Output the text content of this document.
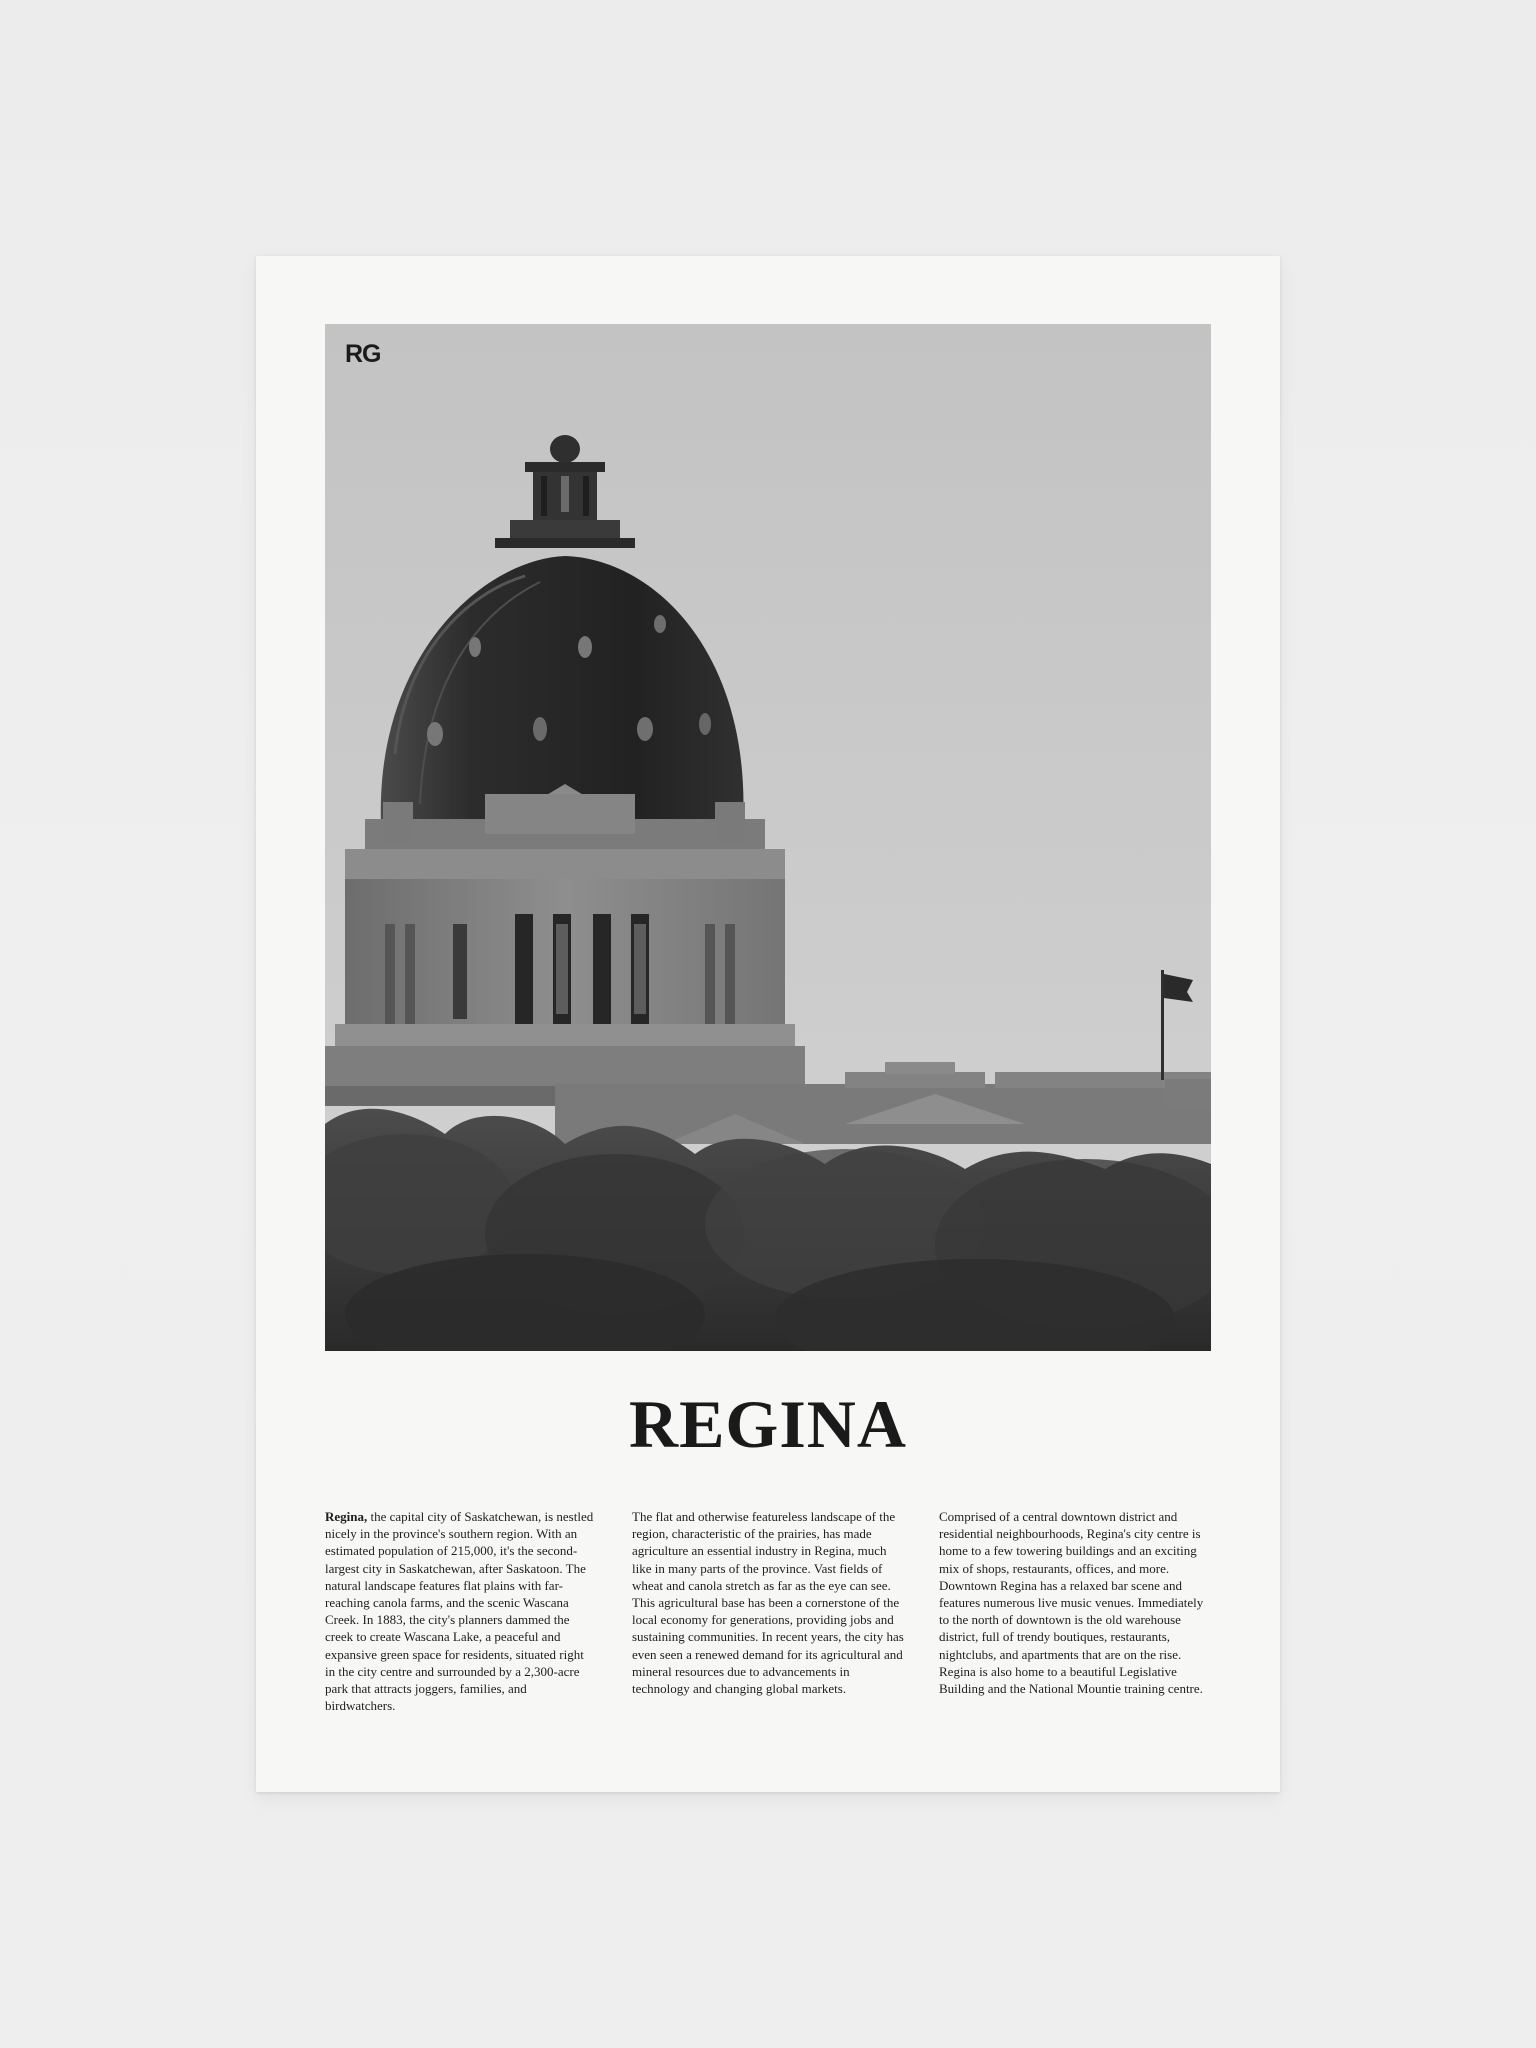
RG
REGINA
Regina, the capital city of Saskatchewan, is nestled nicely in the province's southern region. With an estimated population of 215,000, it's the second-largest city in Saskatchewan, after Saskatoon. The natural landscape features flat plains with far-reaching canola farms, and the scenic Wascana Creek. In 1883, the city's planners dammed the creek to create Wascana Lake, a peaceful and expansive green space for residents, situated right in the city centre and surrounded by a 2,300-acre park that attracts joggers, families, and birdwatchers.
The flat and otherwise featureless landscape of the region, characteristic of the prairies, has made agriculture an essential industry in Regina, much like in many parts of the province. Vast fields of wheat and canola stretch as far as the eye can see. This agricultural base has been a cornerstone of the local economy for generations, providing jobs and sustaining communities. In recent years, the city has even seen a renewed demand for its agricultural and mineral resources due to advancements in technology and changing global markets.
Comprised of a central downtown district and residential neighbourhoods, Regina's city centre is home to a few towering buildings and an exciting mix of shops, restaurants, offices, and more. Downtown Regina has a relaxed bar scene and features numerous live music venues. Immediately to the north of downtown is the old warehouse district, full of trendy boutiques, restaurants, nightclubs, and apartments that are on the rise. Regina is also home to a beautiful Legislative Building and the National Mountie training centre.
